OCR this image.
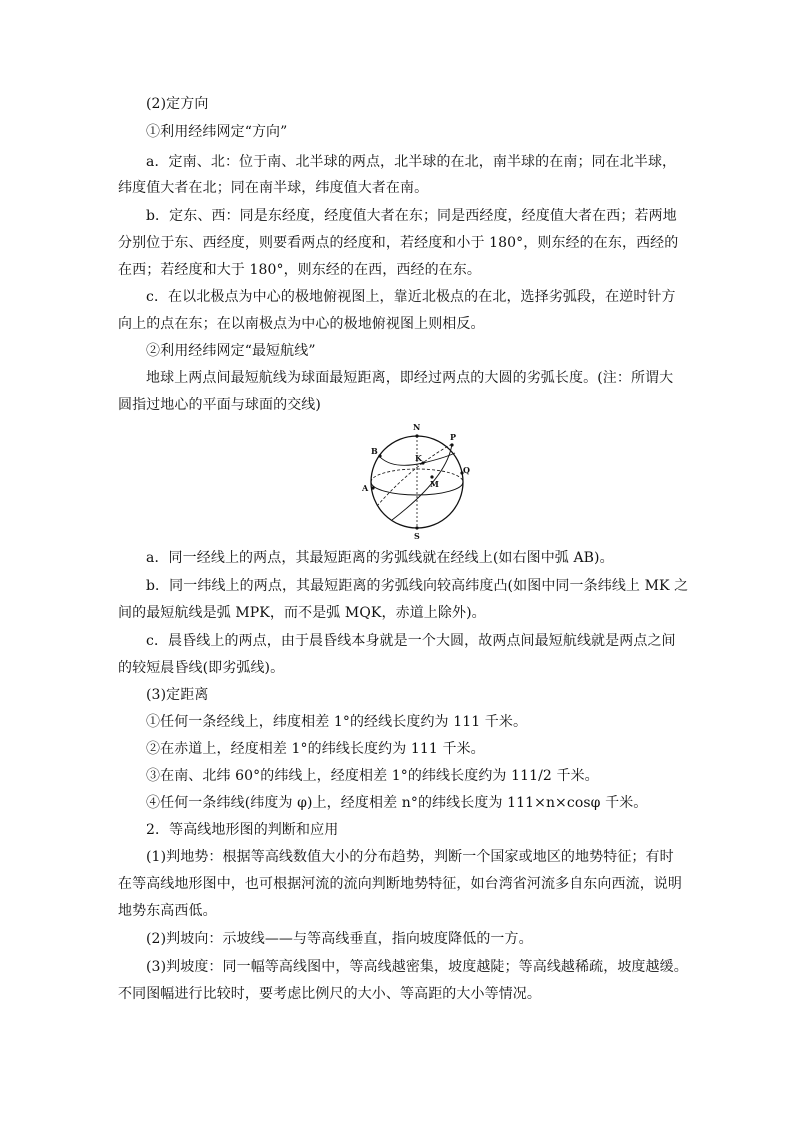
(2)定方向
①利用经纬网定“方向”
a．定南、北：位于南、北半球的两点，北半球的在北，南半球的在南；同在北半球，
纬度值大者在北；同在南半球，纬度值大者在南。
b．定东、西：同是东经度，经度值大者在东；同是西经度，经度值大者在西；若两地
分别位于东、西经度，则要看两点的经度和，若经度和小于 180°，则东经的在东，西经的
在西；若经度和大于 180°，则东经的在西，西经的在东。
c．在以北极点为中心的极地俯视图上，靠近北极点的在北，选择劣弧段，在逆时针方
向上的点在东；在以南极点为中心的极地俯视图上则相反。
②利用经纬网定“最短航线”
地球上两点间最短航线为球面最短距离，即经过两点的大圆的劣弧长度。(注：所谓大
圆指过地心的平面与球面的交线)
N
S
A
B
K
P
Q
M
a．同一经线上的两点，其最短距离的劣弧线就在经线上(如右图中弧 AB)。
b．同一纬线上的两点，其最短距离的劣弧线向较高纬度凸(如图中同一条纬线上 MK 之
间的最短航线是弧 MPK，而不是弧 MQK，赤道上除外)。
c．晨昏线上的两点，由于晨昏线本身就是一个大圆，故两点间最短航线就是两点之间
的较短晨昏线(即劣弧线)。
(3)定距离
①任何一条经线上，纬度相差 1°的经线长度约为 111 千米。
②在赤道上，经度相差 1°的纬线长度约为 111 千米。
③在南、北纬 60°的纬线上，经度相差 1°的纬线长度约为 111/2 千米。
④任何一条纬线(纬度为 φ)上，经度相差 n°的纬线长度为 111×n×cosφ 千米。
2．等高线地形图的判断和应用
(1)判地势：根据等高线数值大小的分布趋势，判断一个国家或地区的地势特征；有时
在等高线地形图中，也可根据河流的流向判断地势特征，如台湾省河流多自东向西流，说明
地势东高西低。
(2)判坡向：示坡线——与等高线垂直，指向坡度降低的一方。
(3)判坡度：同一幅等高线图中，等高线越密集，坡度越陡；等高线越稀疏，坡度越缓。
不同图幅进行比较时，要考虑比例尺的大小、等高距的大小等情况。
